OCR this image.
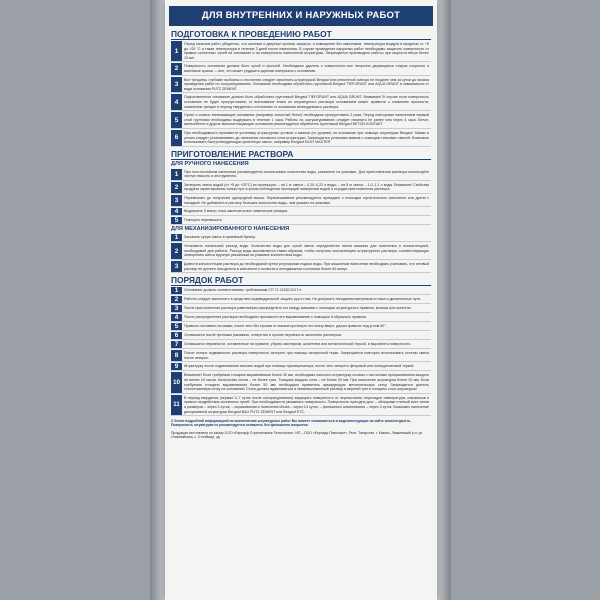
ДЛЯ ВНУТРЕННИХ И НАРУЖНЫХ РАБОТ
ПОДГОТОВКА К ПРОВЕДЕНИЮ РАБОТ
1
Перед началом работ убедитесь, что оконные и дверные проемы закрыты, и помещение без сквозняков, температура воздуха в пределах от +5 до +25 °С и такая температура в течение 3 дней после нанесения. В случае проведения наружных работ необходимо защитить поверхность от прямых солнечных лучей на основание и на поверхность нанесенной штукатурки. Запрещается производить работы при скорости ветра более 10 м/с.
2	Поверхность основания должна быть сухой и прочной. Необходимо удалить с поверхности все непрочно держащиеся старые покрытия и масляные краски — все, что может ухудшить адгезию материала к основанию.
3
Все трещины, глубокие выбоины и отслоения следует заполнить штукатуркой Bergauf или ремонтной смесью не позднее чем за сутки до начала проведения работ по оштукатуриванию. Основание необходимо обработать грунтовкой Bergauf TIEFGRUNT или AQUA GRUNT в зависимости от вида основания PUTZ ZEMENT.
4
Подготовленное основание должно быть обработано грунтовкой Bergauf TIEFGRUNT или AQUA GRUNT. Внимание! В случае если поверхность основания не будет прогрунтована, то впитывание влаги из штукатурного раствора основанием может привести к снижению прочности, появлению трещин в период твердения и отслоению от основания затвердевшего раствора.
5
Сухие и сильно впитывающие основания (например ячеистый бетон) необходимо прогрунтовать 2 раза. Перед повторным нанесением первый слой грунтовки необходимо выдержать в течение 1 часа. Работы по оштукатуриванию следует начинать не ранее чем через 4 часа. Бетон, железобетон и другие малопоглощающие основания рекомендуется обработать грунтовкой Bergauf BETON KONTAKT.
6
При необходимости произвести установку штукатурных уголков и маяков (по уровню) на основание при помощи штукатурки Bergauf. Маяки и уголки следует устанавливать до нанесения основного слоя штукатурки. Запрещается установка маяков с помощью гипсовых смесей. Возможно использовать быстротвердеющую цементную смесь, например Bergauf EASY MASTER.
ПРИГОТОВЛЕНИЕ РАСТВОРА
ДЛЯ РУЧНОГО НАНЕСЕНИЯ
1	При толстослойном нанесении рекомендуется использовать количество воды, указанное на упаковке. Для приготовления раствора используйте чистую емкость и инструменты.
2	Затворить смесь водой (от +5 до +25°С) из пропорции: – на 1 кг смеси – 0,20–0,22 л воды; – на 5 кг смеси – 1,0–1,1 л воды. Внимание! Свойства продукта гарантированы только при строгом соблюдении пропорций затворения водой и порядка приготовления раствора.
3	Перемешать до получения однородной массы. Перемешивание рекомендуется проводить с помощью строительного смесителя или дрели с насадкой. Не добавлять в раствор большее количество воды, чем указано на упаковке.
4	Выдержать 5 минут, пока закончатся все химические реакции.
5	Повторно перемешать.
ДЛЯ МЕХАНИЗИРОВАННОГО НАНЕСЕНИЯ
1	Засыпать сухую смесь в приемный бункер.
2
Установить начальный расход воды. Количество воды для сухой смеси определяется типом машины для нанесения и консистенцией, необходимой для работы. Расход воды выставляется таким образом, чтобы получить консистенцию штукатурного раствора, соответствующую затворению смеси вручную указанным на упаковке количеством воды.
3	Довести консистенцию раствора до необходимой путем регулировки подачи воды. При машинном нанесении необходимо учитывать, что готовый раствор не должен находиться в смесителе и шлангах в неподвижном состоянии более 60 минут.
ПОРЯДОК РАБОТ
1	Основание должно соответствовать требованиям СП 71.13330.2017 п.
2	Работы следует выполнять в средствах индивидуальной защиты рук и глаз. Не допускать попадания материала в глаза и дыхательные пути.
3	После приготовления раствора равномерно распределить его между маяками с помощью штукатурного правила, кельмы или шпателя.
4	После распределения раствора необходимо произвести его выравнивание с помощью h-образного правила.
5	Правило поставить на маяки, после чего без отрыва от маяков протянуть его снизу вверх, держа правило под углом 60°.
6	Оставшиеся после протяжки раковины, отверстия и прочие неровности заполнить раствором.
7	Оставшиеся неровности, оставленные на правиле, убрать мастерком, шпателем или металлической теркой, и выровнять поверхность.
8	После потери подвижности раствора поверхность затереть при помощи затирочной терки. Запрещается повторно использовать остатки смеси после затирки.
9	Штукатурку после подвяливания смочить водой при помощи пульверизатора, после чего затереть фетровой или полиуретановой теркой.
10
Внимание! Если требуемая толщина выравнивания более 30 мм, необходимо наносить штукатурку слоями с частичным просушиванием каждого не менее 24 часов. Количество слоев – не более трех. Толщина каждого слоя – не более 30 мм. При нанесении штукатурки более 20 мм. Если требуемая толщина выравнивания более 50 мм необходимо применять армирующую металлическую сетку. Запрещается крепить стеклотканевую сетку на основание! Сетка должна вдавливаться в свежевыложенный раствор в верхней трети толщины слоя штукатурки!
11
В период твердения (первые 3–7 суток после оштукатуривания) защищать поверхность от пересыхания, перепадов температуры, сквозняков и прямого воздействия солнечных лучей. При необходимости увлажнять поверхность. Поверхность пригодна для: – облицовки плиткой всех типов и размеров – через 3 суток; – окрашивания и нанесения обоев – через 14 суток; – финишного шпатлевания – через 3 суток. Возможно нанесение декоративной штукатурки Bergauf BAU PUTZ ZEMENT или Bergauf ЕТС.
С более подробной информацией по выполнению штукатурных работ Вы можете ознакомиться в видеоинструкции на сайте www.bergauf.ru. Поверхность штукатурки не рекомендуется оставлять без финишного покрытия.
Продукция изготовлена по заказу ООО «Бергауф Строительные Технологии». ИП – ООО «Бергауф Поволжье», Респ. Татарстан, г. Казань, Лаишевский р-н, ул. Олимпийская, с. Столбище, зд.
